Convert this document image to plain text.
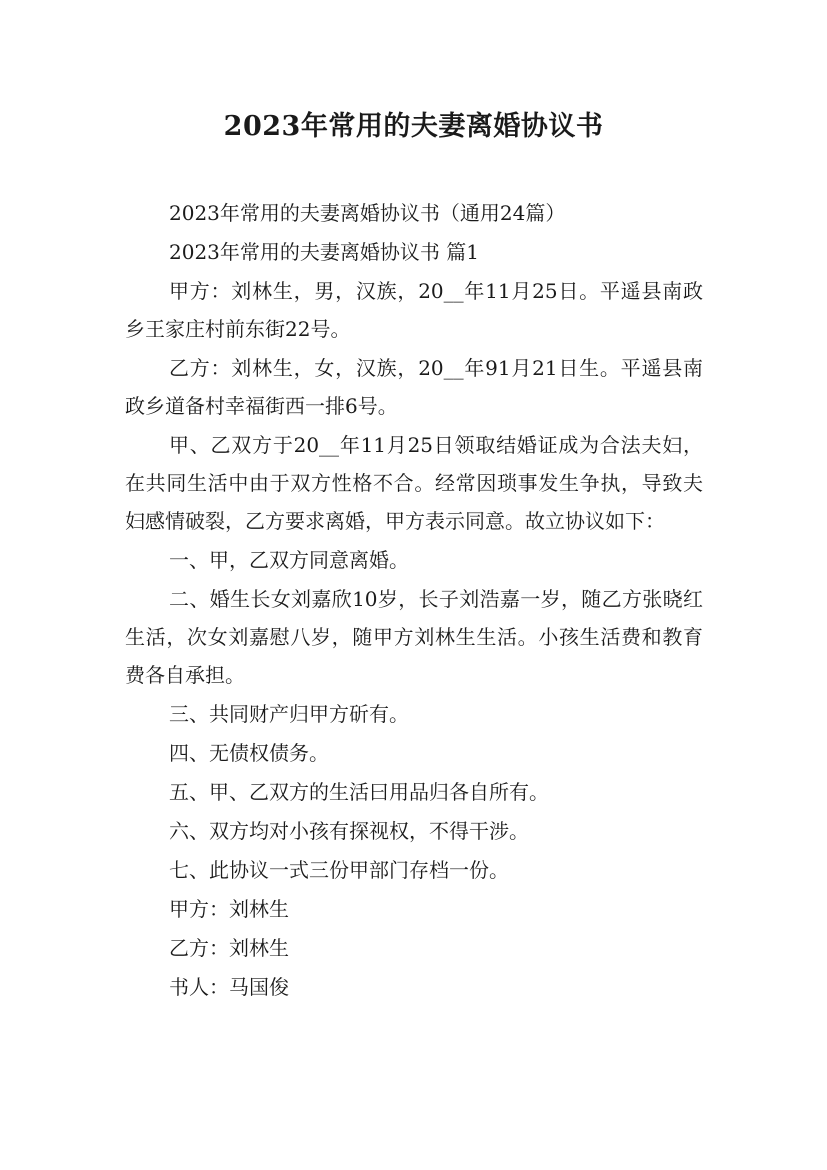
2023年常用的夫妻离婚协议书

2023年常用的夫妻离婚协议书（通用24篇）

2023年常用的夫妻离婚协议书 篇1

甲方：刘林生，男，汉族，20__年11月25日。平遥县南政乡王家庄村前东街22号。

乙方：刘林生，女，汉族，20__年91月21日生。平遥县南政乡道备村幸福街西一排6号。

甲、乙双方于20__年11月25日领取结婚证成为合法夫妇，在共同生活中由于双方性格不合。经常因琐事发生争执，导致夫妇感情破裂，乙方要求离婚，甲方表示同意。故立协议如下：

一、甲，乙双方同意离婚。

二、婚生长女刘嘉欣10岁，长子刘浩嘉一岁，随乙方张晓红生活，次女刘嘉慰八岁，随甲方刘林生生活。小孩生活费和教育费各自承担。

三、共同财产归甲方斫有。

四、无债权债务。

五、甲、乙双方的生活曰用品归各自所有。

六、双方均对小孩有探视权，不得干涉。

七、此协议一式三份甲部门存档一份。

甲方：刘林生

乙方：刘林生

书人：马国俊
